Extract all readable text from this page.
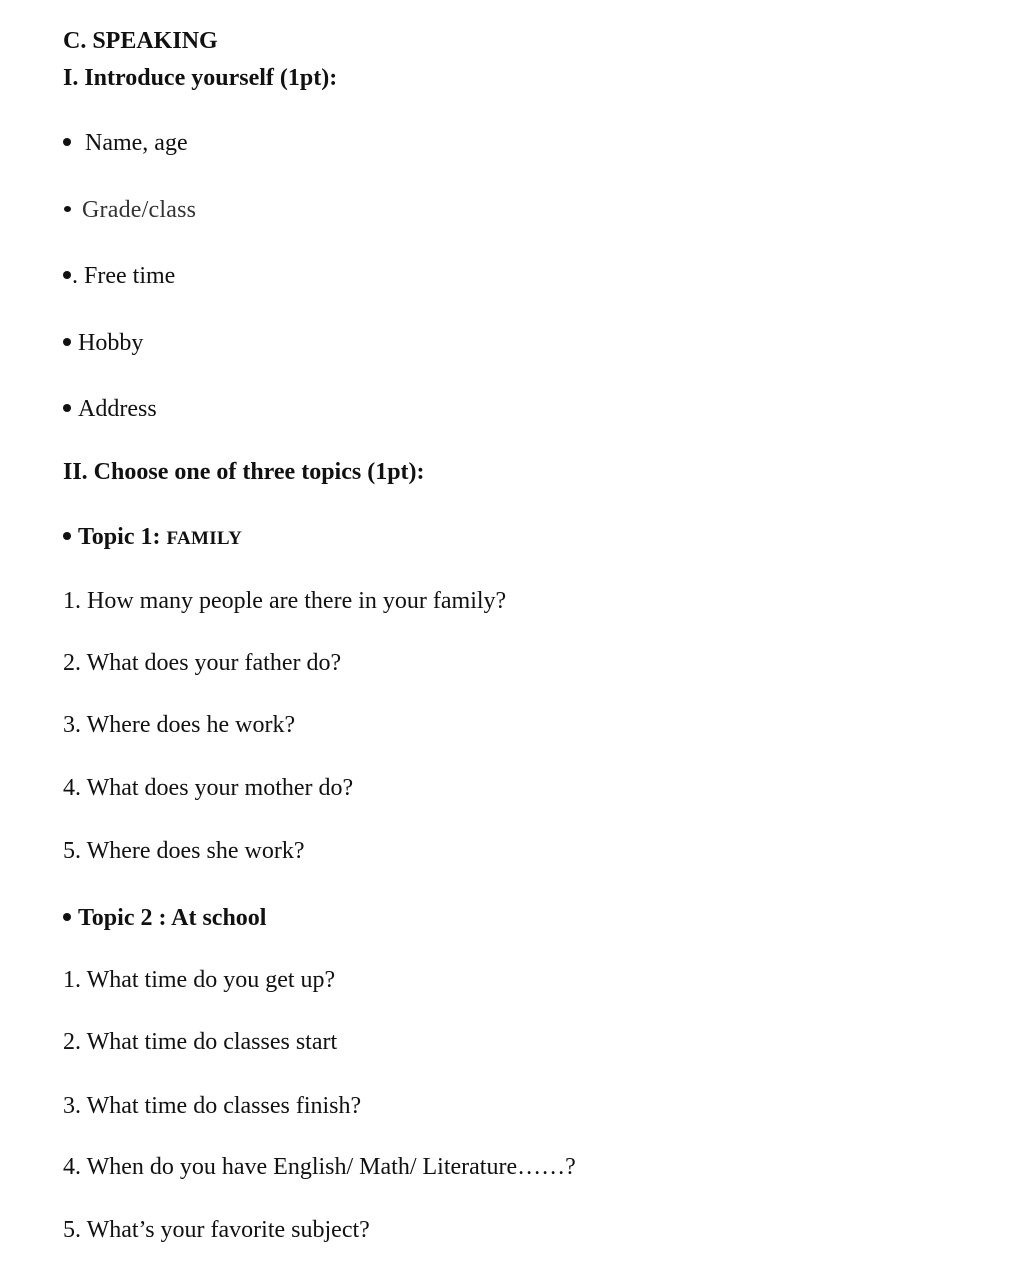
C. SPEAKING
I. Introduce yourself (1pt):
Name, age
Grade/class
. Free time
Hobby
Address
II. Choose one of three topics (1pt):
Topic 1: FAMILY
1. How many people are there in your family?
2. What does your father do?
3. Where does he work?
4. What does your mother do?
5. Where does she work?
Topic 2 : At school
1. What time do you get up?
2. What time do classes start
3. What time do classes finish?
4. When do you have English/ Math/ Literature……?
5. What’s your favorite subject?
